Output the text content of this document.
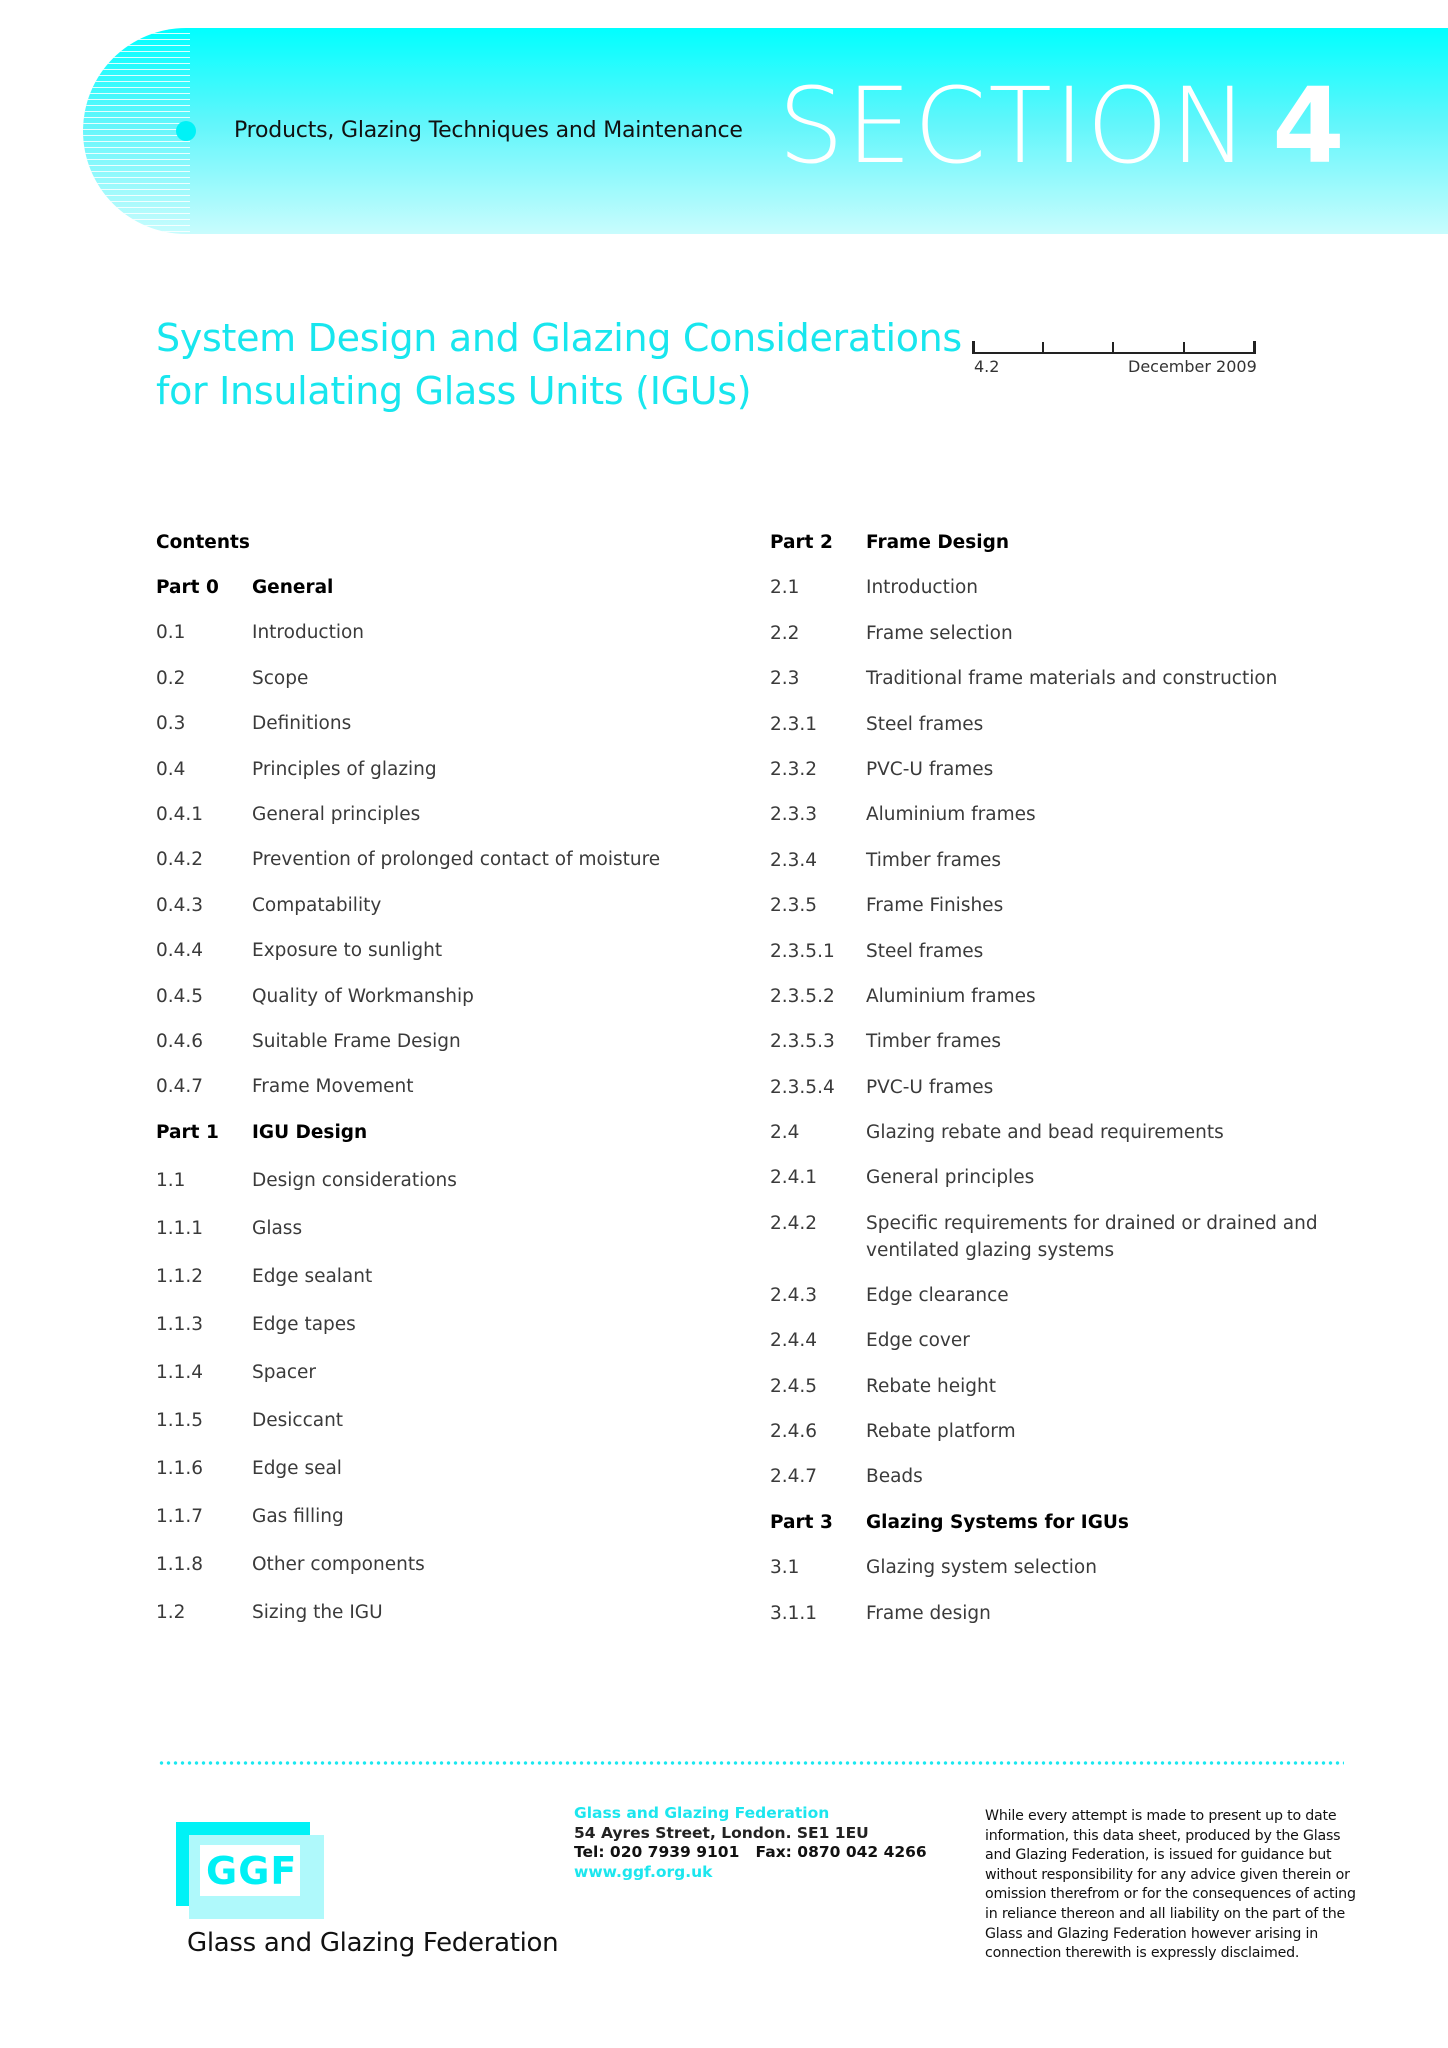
Products, Glazing Techniques and Maintenance SECTION 4
System Design and Glazing Considerations
for Insulating Glass Units (IGUs)
4.2	December 2009
Contents
Part 0	General
0.1	Introduction
0.2	Scope
0.3	Definitions
0.4	Principles of glazing
0.4.1	General principles
0.4.2	Prevention of prolonged contact of moisture
0.4.3	Compatability
0.4.4	Exposure to sunlight
0.4.5	Quality of Workmanship
0.4.6	Suitable Frame Design
0.4.7	Frame Movement
Part 1	IGU Design
1.1	Design considerations
1.1.1	Glass
1.1.2	Edge sealant
1.1.3	Edge tapes
1.1.4	Spacer
1.1.5	Desiccant
1.1.6	Edge seal
1.1.7	Gas filling
1.1.8	Other components
1.2	Sizing the IGU
Part 2	Frame Design
2.1	Introduction
2.2	Frame selection
2.3	Traditional frame materials and construction
2.3.1	Steel frames
2.3.2	PVC-U frames
2.3.3	Aluminium frames
2.3.4	Timber frames
2.3.5	Frame Finishes
2.3.5.1	Steel frames
2.3.5.2	Aluminium frames
2.3.5.3	Timber frames
2.3.5.4	PVC-U frames
2.4	Glazing rebate and bead requirements
2.4.1	General principles
2.4.2	Specific requirements for drained or drained and ventilated glazing systems
2.4.3	Edge clearance
2.4.4	Edge cover
2.4.5	Rebate height
2.4.6	Rebate platform
2.4.7	Beads
Part 3	Glazing Systems for IGUs
3.1	Glazing system selection
3.1.1	Frame design
GGF
Glass and Glazing Federation
Glass and Glazing Federation
54 Ayres Street, London. SE1 1EU
Tel: 020 7939 9101   Fax: 0870 042 4266
www.ggf.org.uk
While every attempt is made to present up to date information, this data sheet, produced by the Glass and Glazing Federation, is issued for guidance but without responsibility for any advice given therein or omission therefrom or for the consequences of acting in reliance thereon and all liability on the part of the Glass and Glazing Federation however arising in connection therewith is expressly disclaimed.
